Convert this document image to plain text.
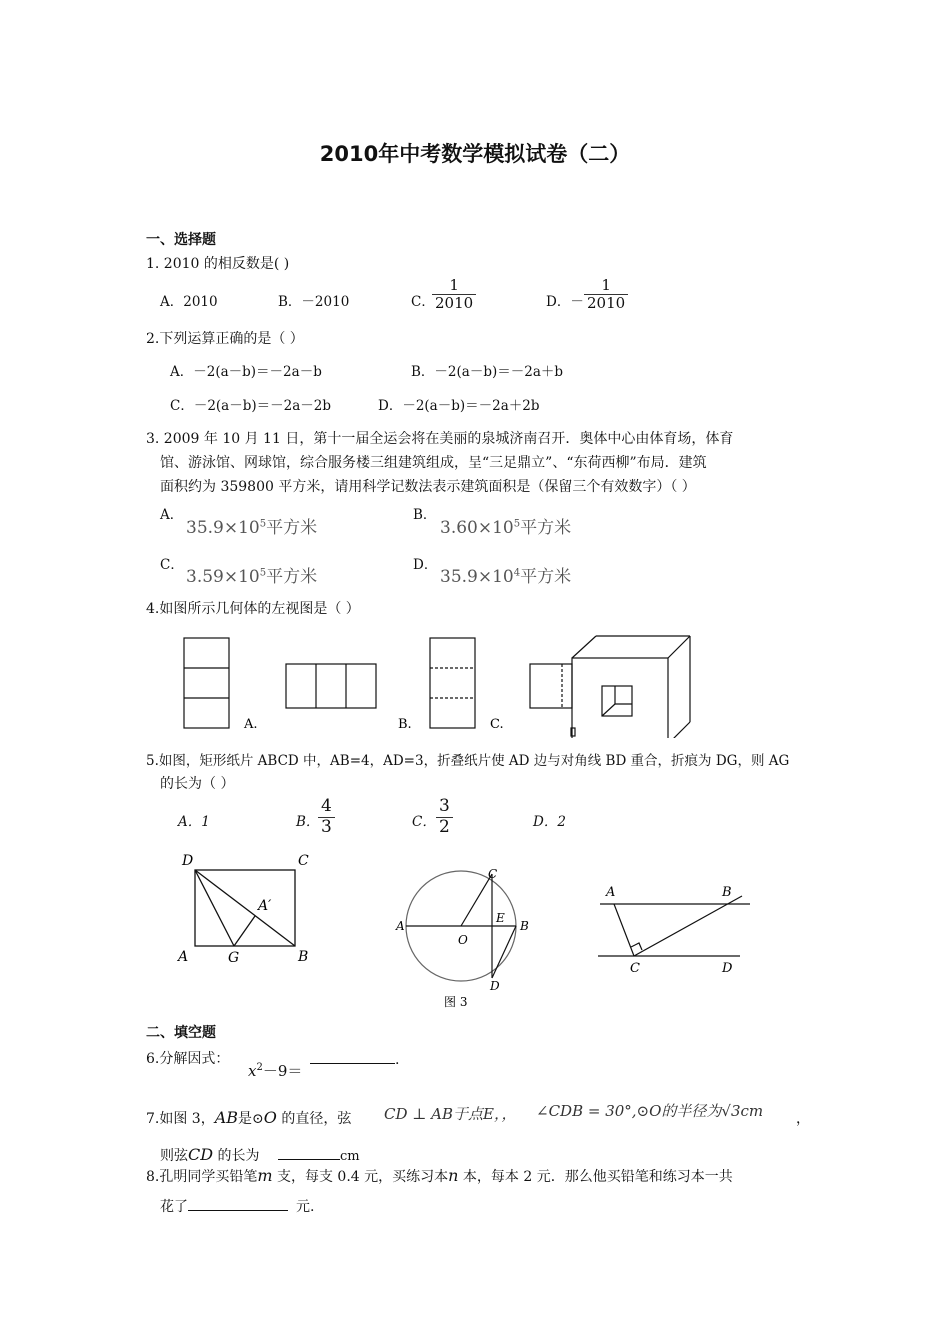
2010年中考数学模拟试卷（二）
一、选择题
1. 2010 的相反数是( )
A．2010	B．－2010	C．
$\frac{1}{2010}$	D．－ $\frac{1}{2010}$
2.下列运算正确的是（ ）
A．－2(a－b)＝－2a－b	B．－2(a－b)＝－2a＋b
C．－2(a－b)＝－2a－2b	D．－2(a－b)＝－2a＋2b
3. 2009 年 10 月 11 日，第十一届全运会将在美丽的泉城济南召开．奥体中心由体育场，体育
馆、游泳馆、网球馆，综合服务楼三组建筑组成，呈“三足鼎立”、“东荷西柳”布局．建筑
面积约为 359800 平方米，请用科学记数法表示建筑面积是（保留三个有效数字）（ ）
A．
$35.9\times 10^5$平方米
B．
$3.60\times 10^5$平方米
C．
$3.59\times 10^5$平方米
D．
$35.9\times 10^4$平方米
4.如图所示几何体的左视图是（ ）
A.	B.	C.
5.如图，矩形纸片 ABCD 中，AB=4，AD=3，折叠纸片使 AD 边与对角线 BD 重合，折痕为 DG，则 AG
的长为（ ）
A．1	B．
$\frac{4}{3}$	C． $\frac{3}{2}$	D．2
D	C
A	G	B
A′
A
O
C
E
B
D
图 3
A	B
C	D
二、填空题
6.分解因式：
$x^2-9=$
.
7.如图 3，AB是⊙O 的直径，弦 CD ⊥ AB于点E，， ∠CDB = 30°,⊙O的半径为√3cm ，
则弦CD 的长为	cm
8.孔明同学买铅笔m 支，每支 0.4 元，买练习本n 本，每本 2 元．那么他买铅笔和练习本一共
花了	元.
